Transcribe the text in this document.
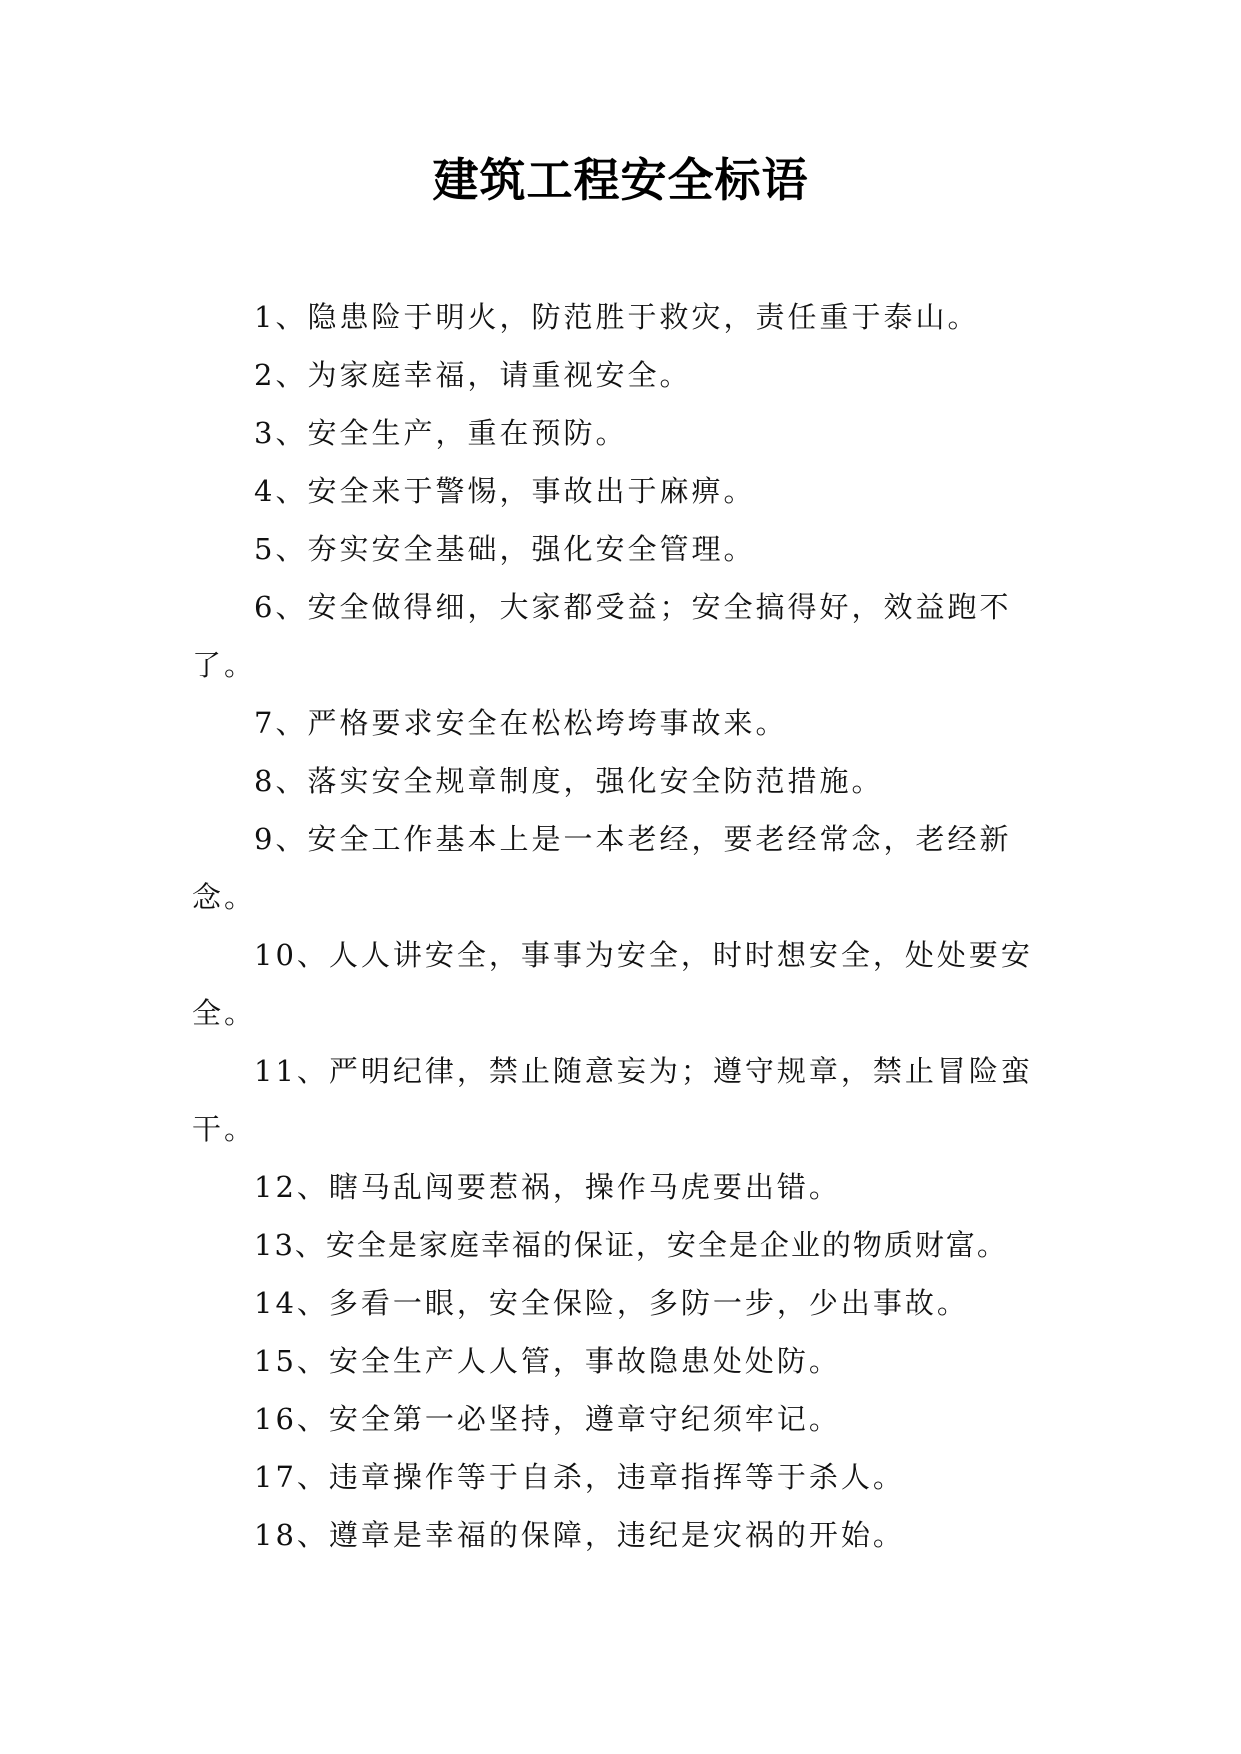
建筑工程安全标语

1、隐患险于明火，防范胜于救灾，责任重于泰山。

2、为家庭幸福，请重视安全。

3、安全生产，重在预防。

4、安全来于警惕，事故出于麻痹。

5、夯实安全基础，强化安全管理。

6、安全做得细，大家都受益；安全搞得好，效益跑不了。

7、严格要求安全在松松垮垮事故来。

8、落实安全规章制度，强化安全防范措施。

9、安全工作基本上是一本老经，要老经常念，老经新念。

10、人人讲安全，事事为安全，时时想安全，处处要安全。

11、严明纪律，禁止随意妄为；遵守规章，禁止冒险蛮干。

12、瞎马乱闯要惹祸，操作马虎要出错。

13、安全是家庭幸福的保证，安全是企业的物质财富。

14、多看一眼，安全保险，多防一步，少出事故。

15、安全生产人人管，事故隐患处处防。

16、安全第一必坚持，遵章守纪须牢记。

17、违章操作等于自杀，违章指挥等于杀人。

18、遵章是幸福的保障，违纪是灾祸的开始。
